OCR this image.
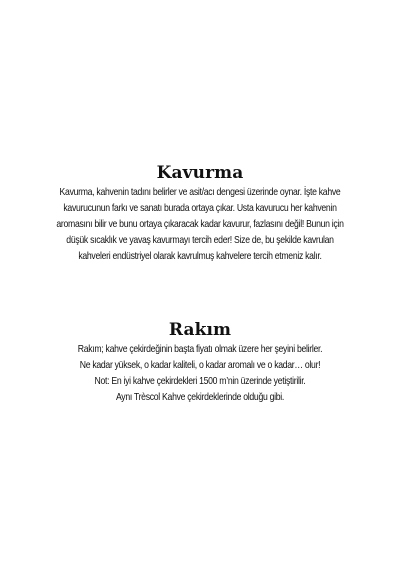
Kavurma
Kavurma, kahvenin tadını belirler ve asit/acı dengesi üzerinde oynar. İşte kahve
kavurucunun farkı ve sanatı burada ortaya çıkar. Usta kavurucu her kahvenin
aromasını bilir ve bunu ortaya çıkaracak kadar kavurur, fazlasını değil! Bunun için
düşük sıcaklık ve yavaş kavurmayı tercih eder! Size de, bu şekilde kavrulan
kahveleri endüstriyel olarak kavrulmuş kahvelere tercih etmeniz kalır.
Rakım
Rakım; kahve çekirdeğinin başta fiyatı olmak üzere her şeyini belirler.
Ne kadar yüksek, o kadar kaliteli, o kadar aromalı ve o kadar… olur!
Not: En iyi kahve çekirdekleri 1500 m’nin üzerinde yetiştirilir.
Aynı Trèscol Kahve çekirdeklerinde olduğu gibi.
